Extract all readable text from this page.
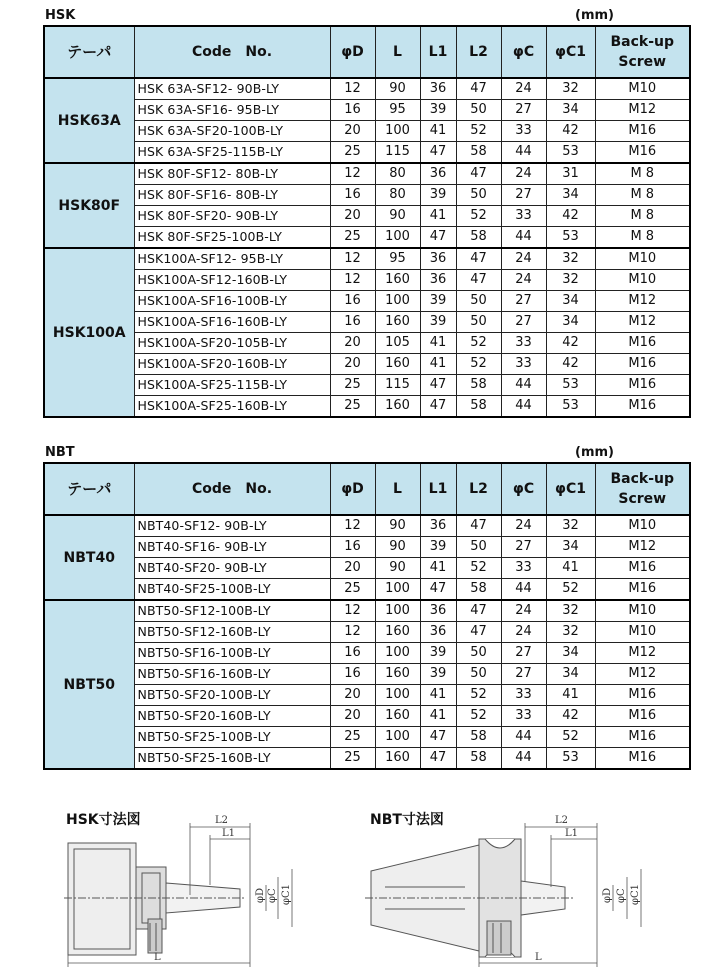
HSK	(mm)
テーパ	Code　No.	φD	L	L1	L2	φC	φC1	Back-up
Screw
HSK63A	HSK 63A-SF12- 90B-LY	12	90	36	47	24	32	M10
	HSK 63A-SF16- 95B-LY	16	95	39	50	27	34	M12
	HSK 63A-SF20-100B-LY	20	100	41	52	33	42	M16
	HSK 63A-SF25-115B-LY	25	115	47	58	44	53	M16
HSK80F	HSK 80F-SF12- 80B-LY	12	80	36	47	24	31	M 8
	HSK 80F-SF16- 80B-LY	16	80	39	50	27	34	M 8
	HSK 80F-SF20- 90B-LY	20	90	41	52	33	42	M 8
	HSK 80F-SF25-100B-LY	25	100	47	58	44	53	M 8
HSK100A	HSK100A-SF12- 95B-LY	12	95	36	47	24	32	M10
	HSK100A-SF12-160B-LY	12	160	36	47	24	32	M10
	HSK100A-SF16-100B-LY	16	100	39	50	27	34	M12
	HSK100A-SF16-160B-LY	16	160	39	50	27	34	M12
	HSK100A-SF20-105B-LY	20	105	41	52	33	42	M16
	HSK100A-SF20-160B-LY	20	160	41	52	33	42	M16
	HSK100A-SF25-115B-LY	25	115	47	58	44	53	M16
	HSK100A-SF25-160B-LY	25	160	47	58	44	53	M16
NBT	(mm)
テーパ	Code　No.	φD	L	L1	L2	φC	φC1	Back-up
Screw
NBT40	NBT40-SF12- 90B-LY	12	90	36	47	24	32	M10
	NBT40-SF16- 90B-LY	16	90	39	50	27	34	M12
	NBT40-SF20- 90B-LY	20	90	41	52	33	41	M16
	NBT40-SF25-100B-LY	25	100	47	58	44	52	M16
NBT50	NBT50-SF12-100B-LY	12	100	36	47	24	32	M10
	NBT50-SF12-160B-LY	12	160	36	47	24	32	M10
	NBT50-SF16-100B-LY	16	100	39	50	27	34	M12
	NBT50-SF16-160B-LY	16	160	39	50	27	34	M12
	NBT50-SF20-100B-LY	20	100	41	52	33	41	M16
	NBT50-SF20-160B-LY	20	160	41	52	33	42	M16
	NBT50-SF25-100B-LY	25	100	47	58	44	52	M16
	NBT50-SF25-160B-LY	25	160	47	58	44	53	M16
HSK寸法図	L2
L1
L
φD φC φC1
NBT寸法図	L2
L1
L
φD φC φC1
